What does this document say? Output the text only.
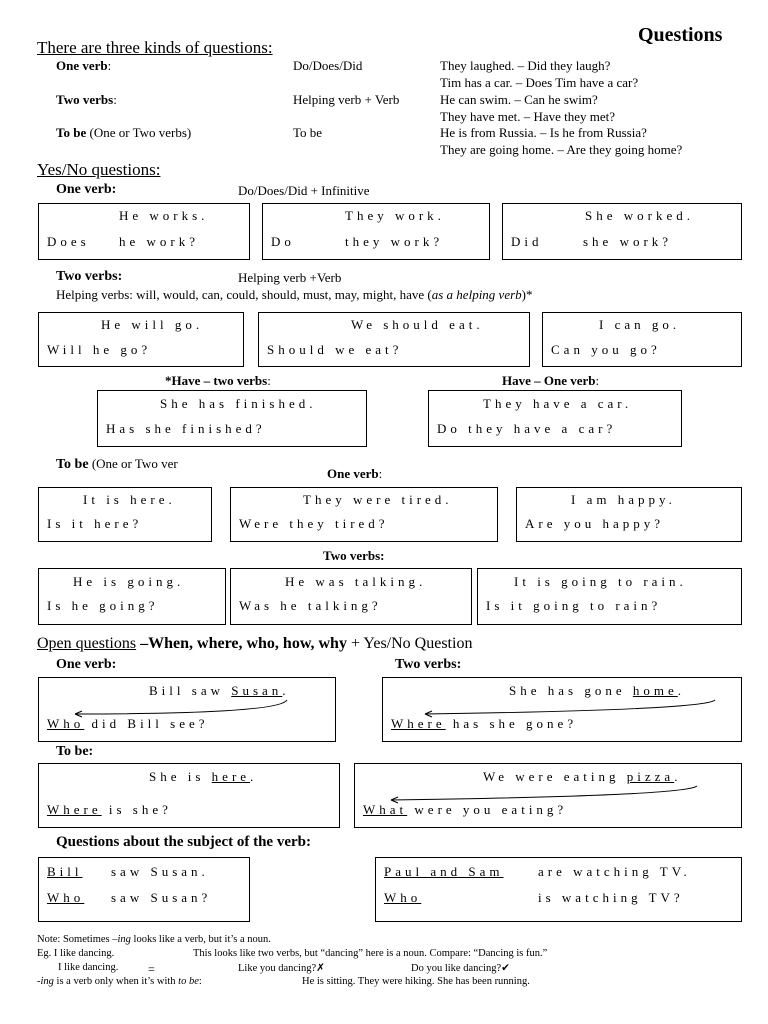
Questions
There are three kinds of questions:
One verb:	Do/Does/Did	They laughed. – Did they laugh?
Tim has a car. – Does Tim have a car?
Two verbs:	Helping verb + Verb	He can swim. – Can he swim?
They have met. – Have they met?
To be (One or Two verbs)	To be	He is from Russia. – Is he from Russia?
They are going home. – Are they going home?
Yes/No questions:
One verb:	Do/Does/Did + Infinitive
He works.
Does he work?
They work.
Do	they work?
She worked.
Did	she work?
Two verbs:	Helping verb +Verb
Helping verbs: will, would, can, could, should, must, may, might, have (as a helping verb)*
He will go.
Will he go?
We should eat.
Should we eat?
I can go.
Can you go?
*Have – two verbs:	Have – One verb:
She has finished.
Has she finished?
They have a car.
Do they have a car?
To be (One or Two ver
One verb:
It is here.
Is it here?
They were tired.
Were they tired?
I am happy.
Are you happy?
Two verbs:
He is going.
Is he going?
He was talking.
Was he talking?
It is going to rain.
Is it going to rain?
Open questions –When, where, who, how, why + Yes/No Question
One verb:	Two verbs:
Bill saw Susan.
Who did Bill see?
She has gone home.
Where has she gone?
To be:
She is here.
Where is she?
We were eating pizza.
What were you eating?
Questions about the subject of the verb:
Bill saw Susan.
Who saw Susan?
Paul and Sam	are watching TV.
Who	is watching TV?
Note: Sometimes –ing looks like a verb, but it’s a noun.
Eg. I like dancing.	This looks like two verbs, but “dancing” here is a noun. Compare: “Dancing is fun.”
I like dancing. =	Like you dancing?✗	Do you like dancing?✔
-ing is a verb only when it’s with to be:	He is sitting. They were hiking. She has been running.
